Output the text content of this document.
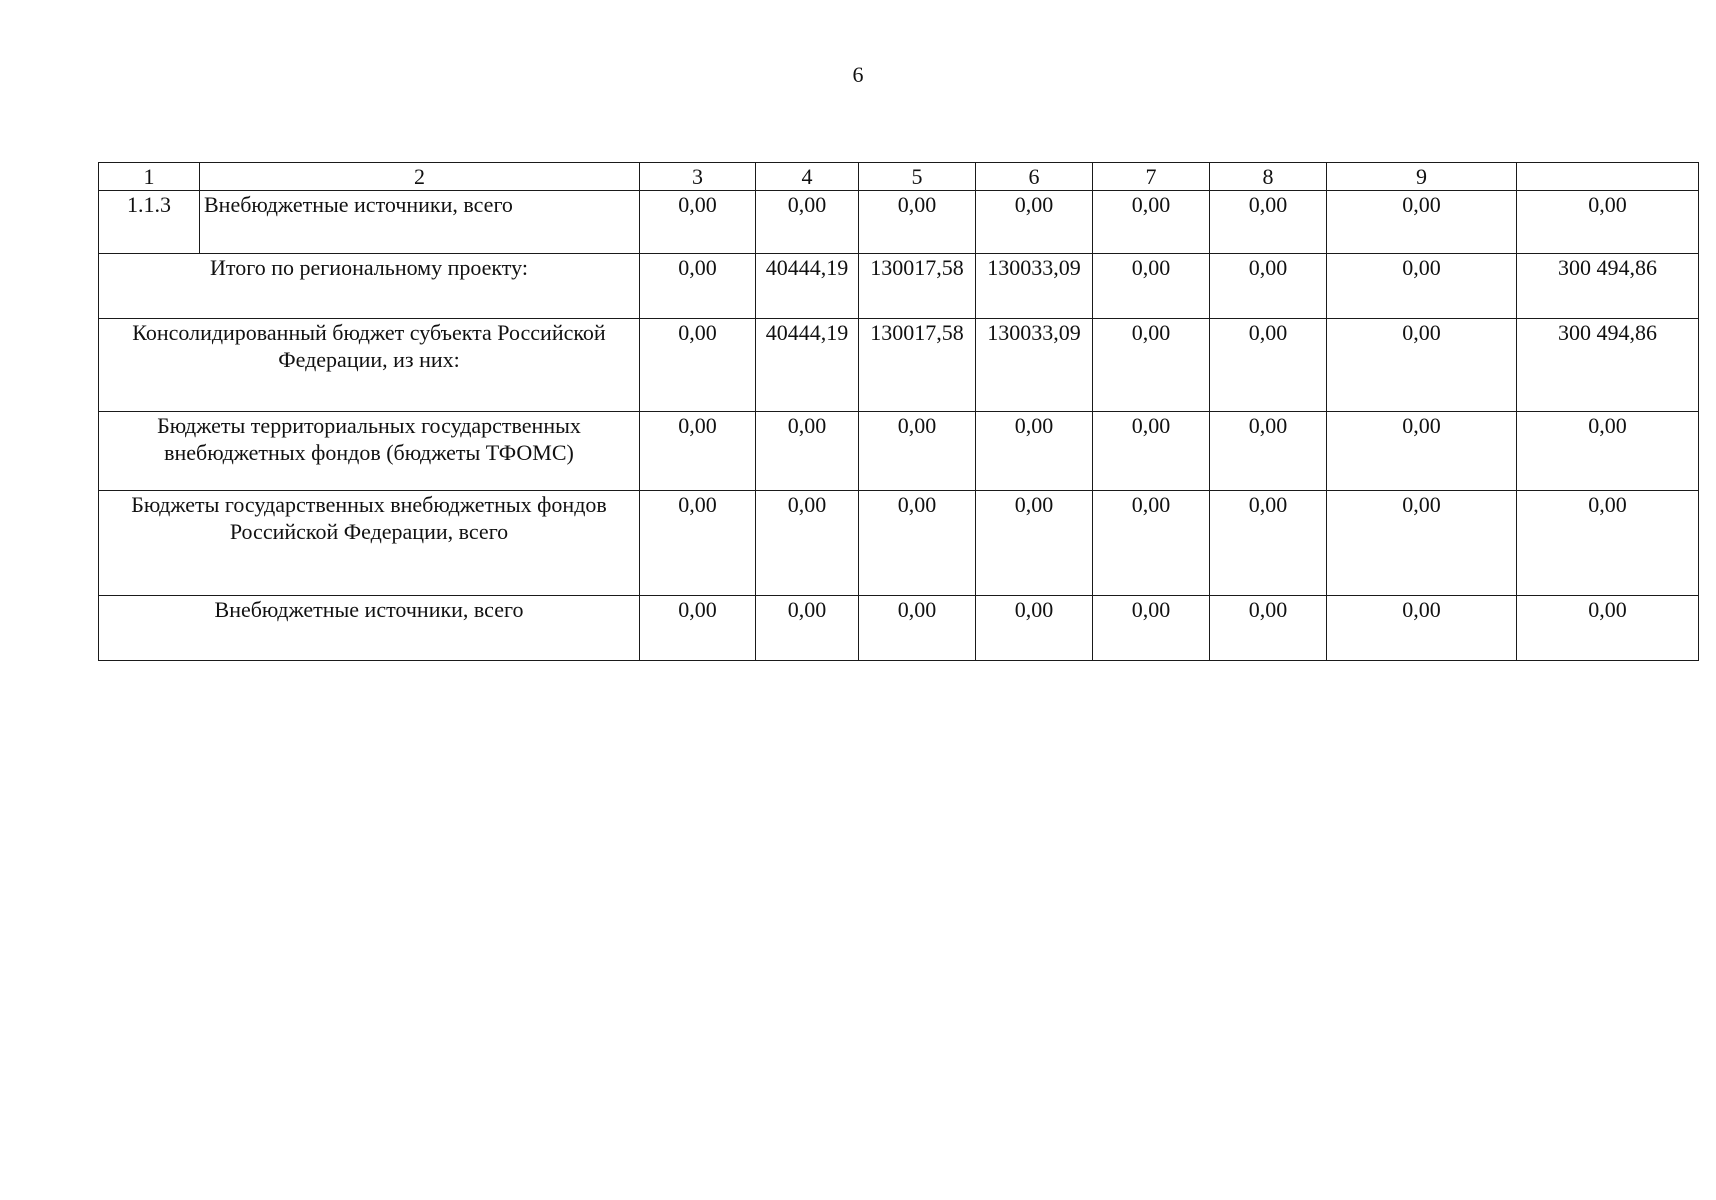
6
1	2	3	4	5	6	7	8	9	
1.1.3	Внебюджетные источники, всего	0,00	0,00	0,00	0,00	0,00	0,00	0,00	0,00
Итого по региональному проекту:		0,00	40444,19	130017,58	130033,09	0,00	0,00	0,00	300 494,86
Консолидированный бюджет субъекта Российской Федерации, из них:		0,00	40444,19	130017,58	130033,09	0,00	0,00	0,00	300 494,86
Бюджеты территориальных государственных внебюджетных фондов (бюджеты ТФОМС)		0,00	0,00	0,00	0,00	0,00	0,00	0,00	0,00
Бюджеты государственных внебюджетных фондов Российской Федерации, всего		0,00	0,00	0,00	0,00	0,00	0,00	0,00	0,00
Внебюджетные источники, всего		0,00	0,00	0,00	0,00	0,00	0,00	0,00	0,00
